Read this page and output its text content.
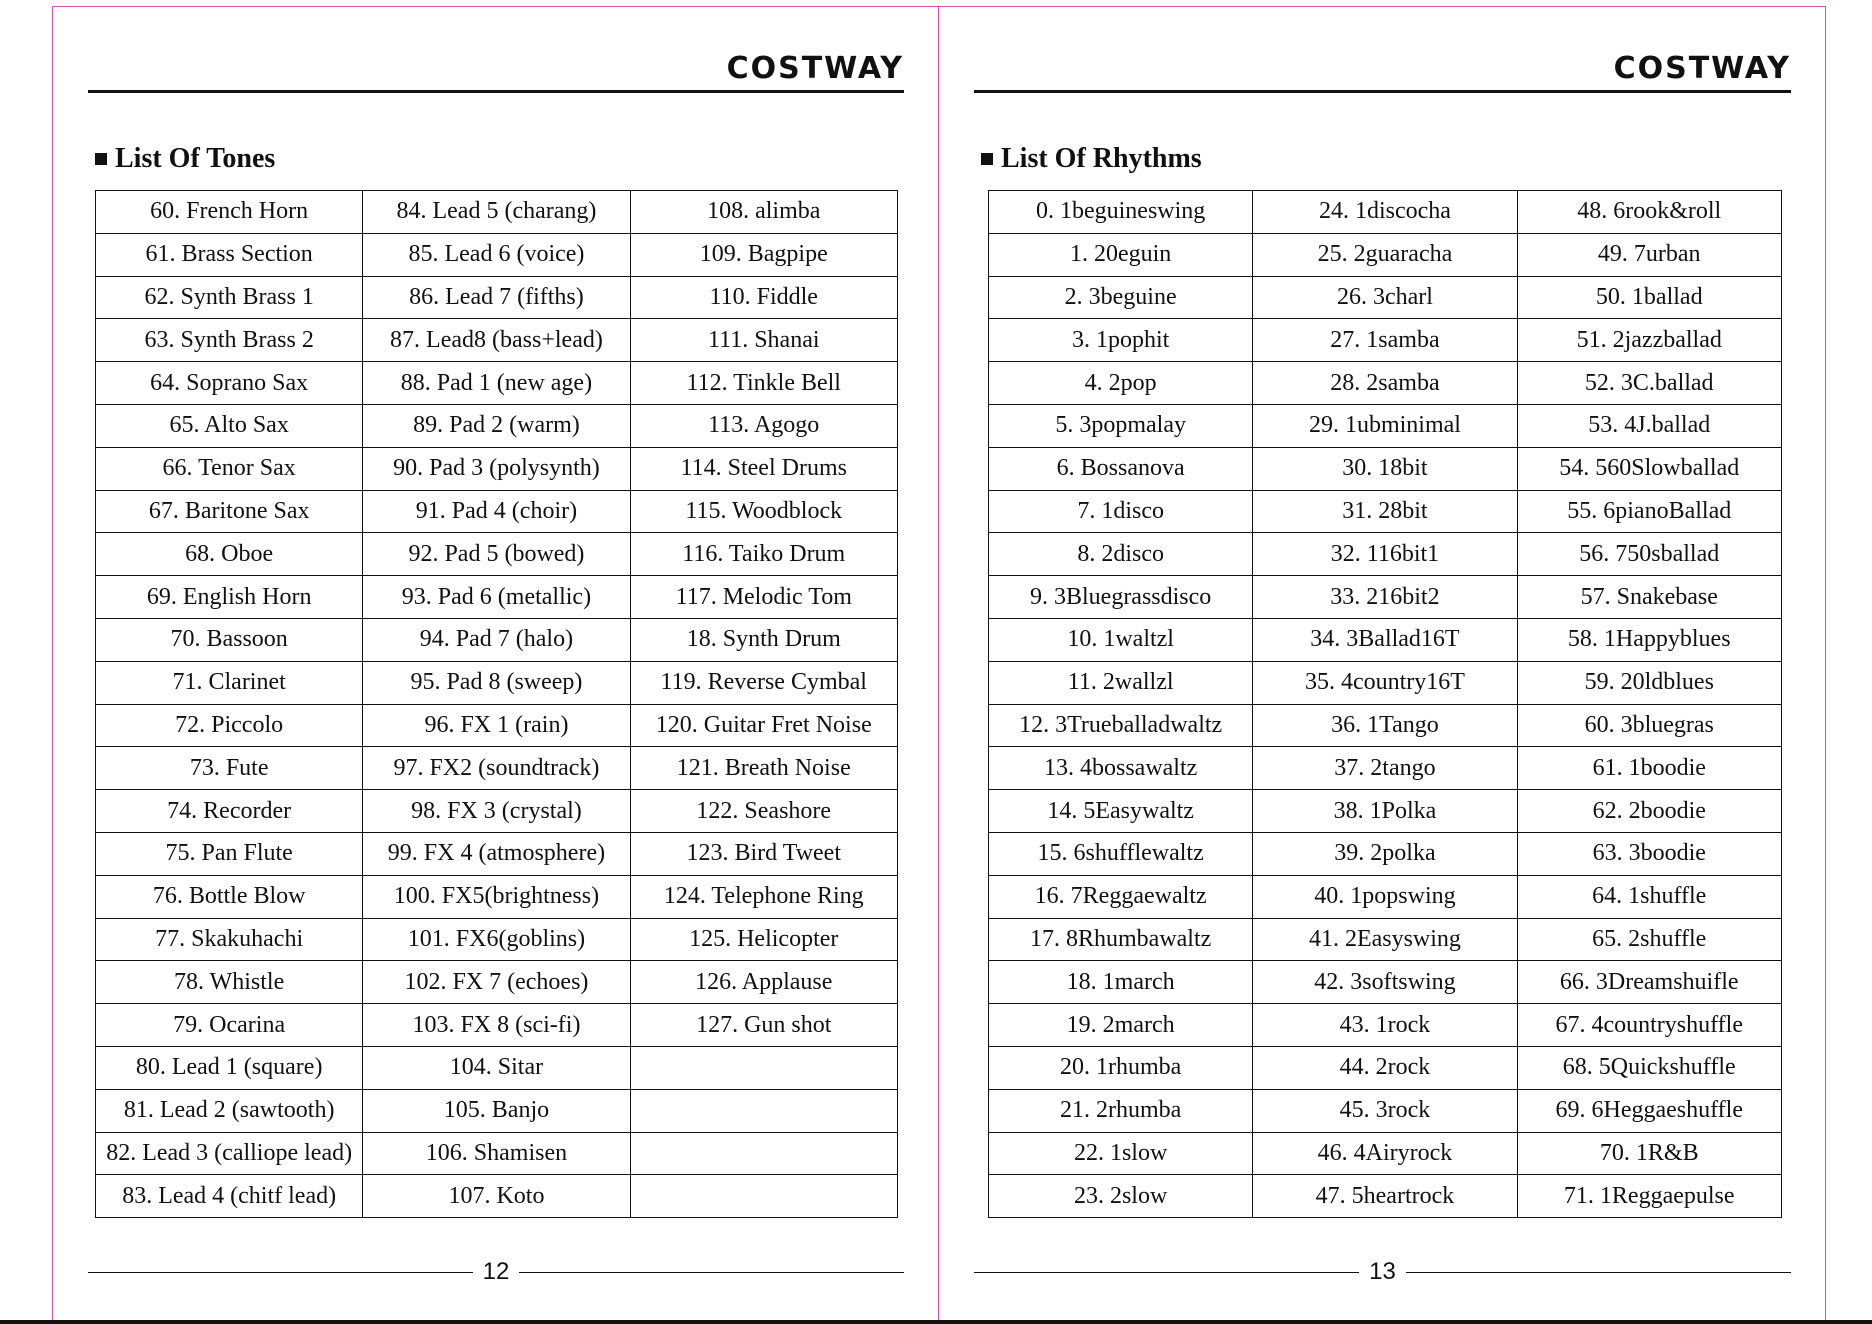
COSTWAY
List Of Tones
60. French Horn	84. Lead 5 (charang)	108. alimba
61. Brass Section	85. Lead 6 (voice)	109. Bagpipe
62. Synth Brass 1	86. Lead 7 (fifths)	110. Fiddle
63. Synth Brass 2	87. Lead8 (bass+lead)	111. Shanai
64. Soprano Sax	88. Pad 1 (new age)	112. Tinkle Bell
65. Alto Sax	89. Pad 2 (warm)	113. Agogo
66. Tenor Sax	90. Pad 3 (polysynth)	114. Steel Drums
67. Baritone Sax	91. Pad 4 (choir)	115. Woodblock
68. Oboe	92. Pad 5 (bowed)	116. Taiko Drum
69. English Horn	93. Pad 6 (metallic)	117. Melodic Tom
70. Bassoon	94. Pad 7 (halo)	18. Synth Drum
71. Clarinet	95. Pad 8 (sweep)	119. Reverse Cymbal
72. Piccolo	96. FX 1 (rain)	120. Guitar Fret Noise
73. Fute	97. FX2 (soundtrack)	121. Breath Noise
74. Recorder	98. FX 3 (crystal)	122. Seashore
75. Pan Flute	99. FX 4 (atmosphere)	123. Bird Tweet
76. Bottle Blow	100. FX5(brightness)	124. Telephone Ring
77. Skakuhachi	101. FX6(goblins)	125. Helicopter
78. Whistle	102. FX 7 (echoes)	126. Applause
79. Ocarina	103. FX 8 (sci-fi)	127. Gun shot
80. Lead 1 (square)	104. Sitar	
81. Lead 2 (sawtooth)	105. Banjo	
82. Lead 3 (calliope lead)	106. Shamisen	
83. Lead 4 (chitf lead)	107. Koto	
12
COSTWAY
List Of Rhythms
0. 1beguineswing	24. 1discocha	48. 6rook&roll
1. 20eguin	25. 2guaracha	49. 7urban
2. 3beguine	26. 3charl	50. 1ballad
3. 1pophit	27. 1samba	51. 2jazzballad
4. 2pop	28. 2samba	52. 3C.ballad
5. 3popmalay	29. 1ubminimal	53. 4J.ballad
6. Bossanova	30. 18bit	54. 560Slowballad
7. 1disco	31. 28bit	55. 6pianoBallad
8. 2disco	32. 116bit1	56. 750sballad
9. 3Bluegrassdisco	33. 216bit2	57. Snakebase
10. 1waltzl	34. 3Ballad16T	58. 1Happyblues
11. 2wallzl	35. 4country16T	59. 20ldblues
12. 3Trueballadwaltz	36. 1Tango	60. 3bluegras
13. 4bossawaltz	37. 2tango	61. 1boodie
14. 5Easywaltz	38. 1Polka	62. 2boodie
15. 6shufflewaltz	39. 2polka	63. 3boodie
16. 7Reggaewaltz	40. 1popswing	64. 1shuffle
17. 8Rhumbawaltz	41. 2Easyswing	65. 2shuffle
18. 1march	42. 3softswing	66. 3Dreamshuifle
19. 2march	43. 1rock	67. 4countryshuffle
20. 1rhumba	44. 2rock	68. 5Quickshuffle
21. 2rhumba	45. 3rock	69. 6Heggaeshuffle
22. 1slow	46. 4Airyrock	70. 1R&B
23. 2slow	47. 5heartrock	71. 1Reggaepulse
13
